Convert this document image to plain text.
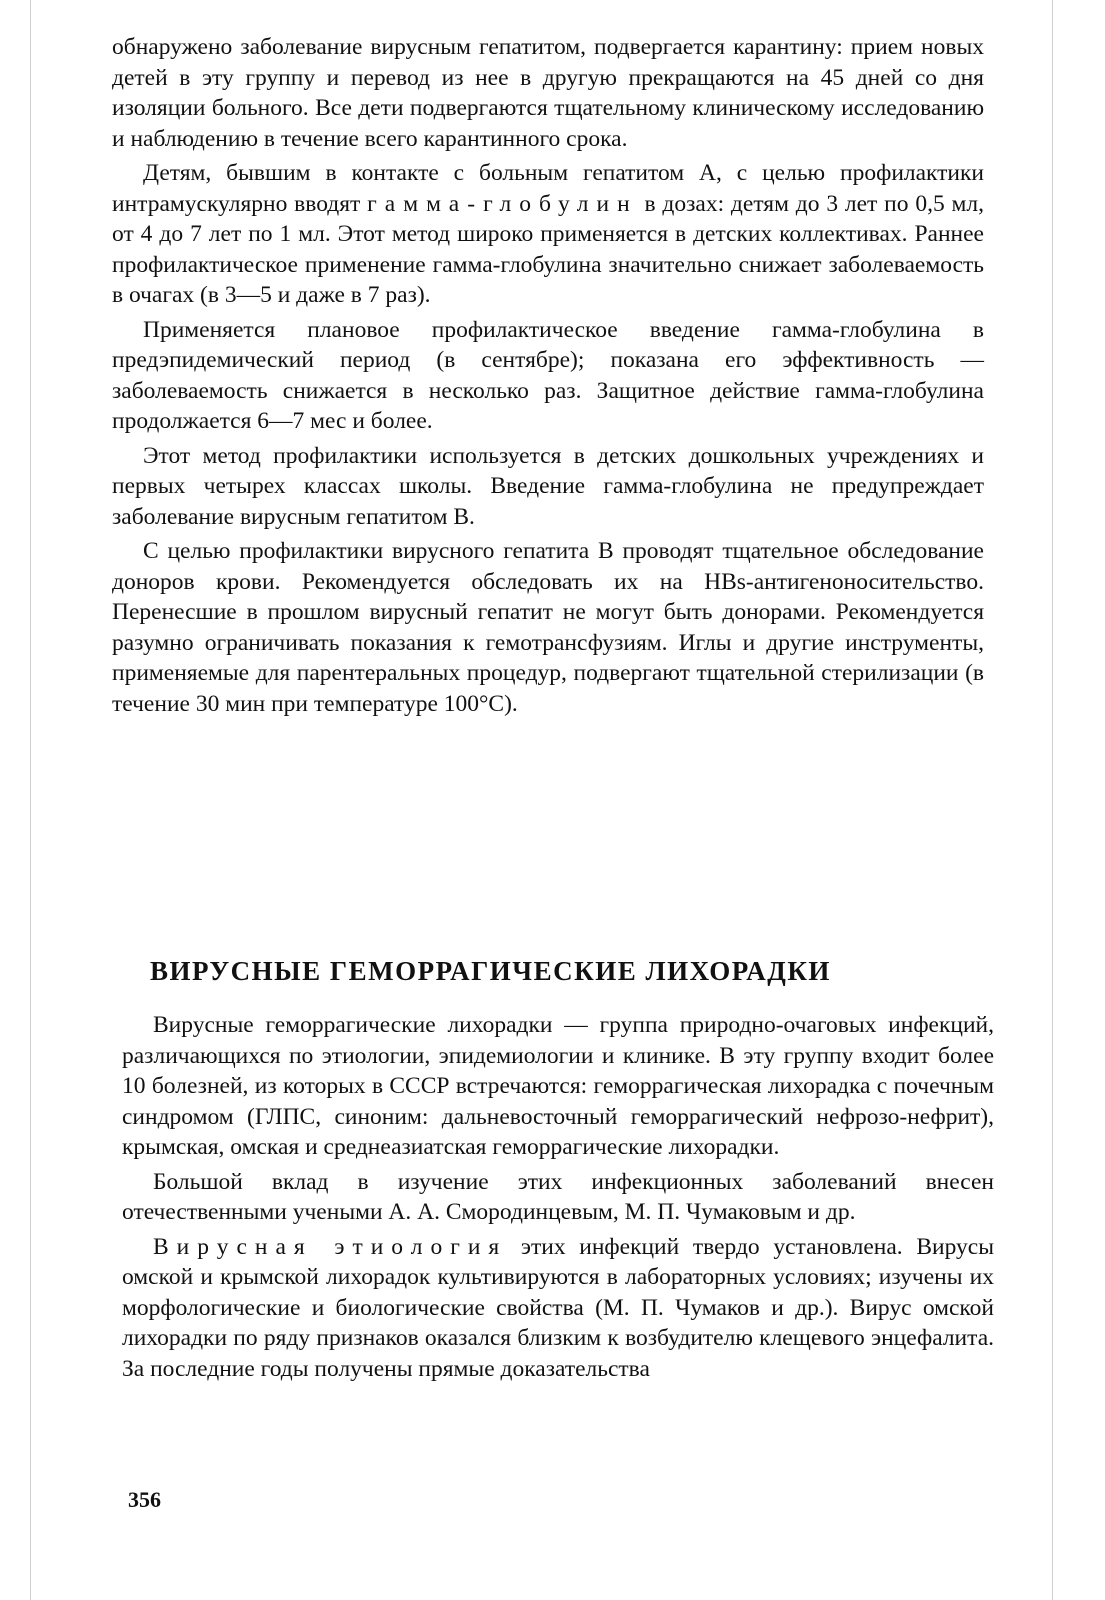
обнаружено заболевание вирусным гепатитом, подвергается карантину: прием новых детей в эту группу и перевод из нее в другую прекращаются на 45 дней со дня изоляции больного. Все дети подвергаются тщательному клиническому исследованию и наблюдению в течение всего карантинного срока.

Детям, бывшим в контакте с больным гепатитом А, с целью профилактики интрамускулярно вводят гамма-глобулин в дозах: детям до 3 лет по 0,5 мл, от 4 до 7 лет по 1 мл. Этот метод широко применяется в детских коллективах. Раннее профилактическое применение гамма-глобулина значительно снижает заболеваемость в очагах (в 3—5 и даже в 7 раз).

Применяется плановое профилактическое введение гамма-глобулина в предэпидемический период (в сентябре); показана его эффективность — заболеваемость снижается в несколько раз. Защитное действие гамма-глобулина продолжается 6—7 мес и более.

Этот метод профилактики используется в детских дошкольных учреждениях и первых четырех классах школы. Введение гамма-глобулина не предупреждает заболевание вирусным гепатитом В.

С целью профилактики вирусного гепатита В проводят тщательное обследование доноров крови. Рекомендуется обследовать их на HBs-антигеноносительство. Перенесшие в прошлом вирусный гепатит не могут быть донорами. Рекомендуется разумно ограничивать показания к гемотрансфузиям. Иглы и другие инструменты, применяемые для парентеральных процедур, подвергают тщательной стерилизации (в течение 30 мин при температуре 100°С).

ВИРУСНЫЕ ГЕМОРРАГИЧЕСКИЕ ЛИХОРАДКИ

Вирусные геморрагические лихорадки — группа природно-очаговых инфекций, различающихся по этиологии, эпидемиологии и клинике. В эту группу входит более 10 болезней, из которых в СССР встречаются: геморрагическая лихорадка с почечным синдромом (ГЛПС, синоним: дальневосточный геморрагический нефрозо-нефрит), крымская, омская и среднеазиатская геморрагические лихорадки.

Большой вклад в изучение этих инфекционных заболеваний внесен отечественными учеными А. А. Смородинцевым, М. П. Чумаковым и др.

Вирусная этиология этих инфекций твердо установлена. Вирусы омской и крымской лихорадок культивируются в лабораторных условиях; изучены их морфологические и биологические свойства (М. П. Чумаков и др.). Вирус омской лихорадки по ряду признаков оказался близким к возбудителю клещевого энцефалита. За последние годы получены прямые доказательства

356
